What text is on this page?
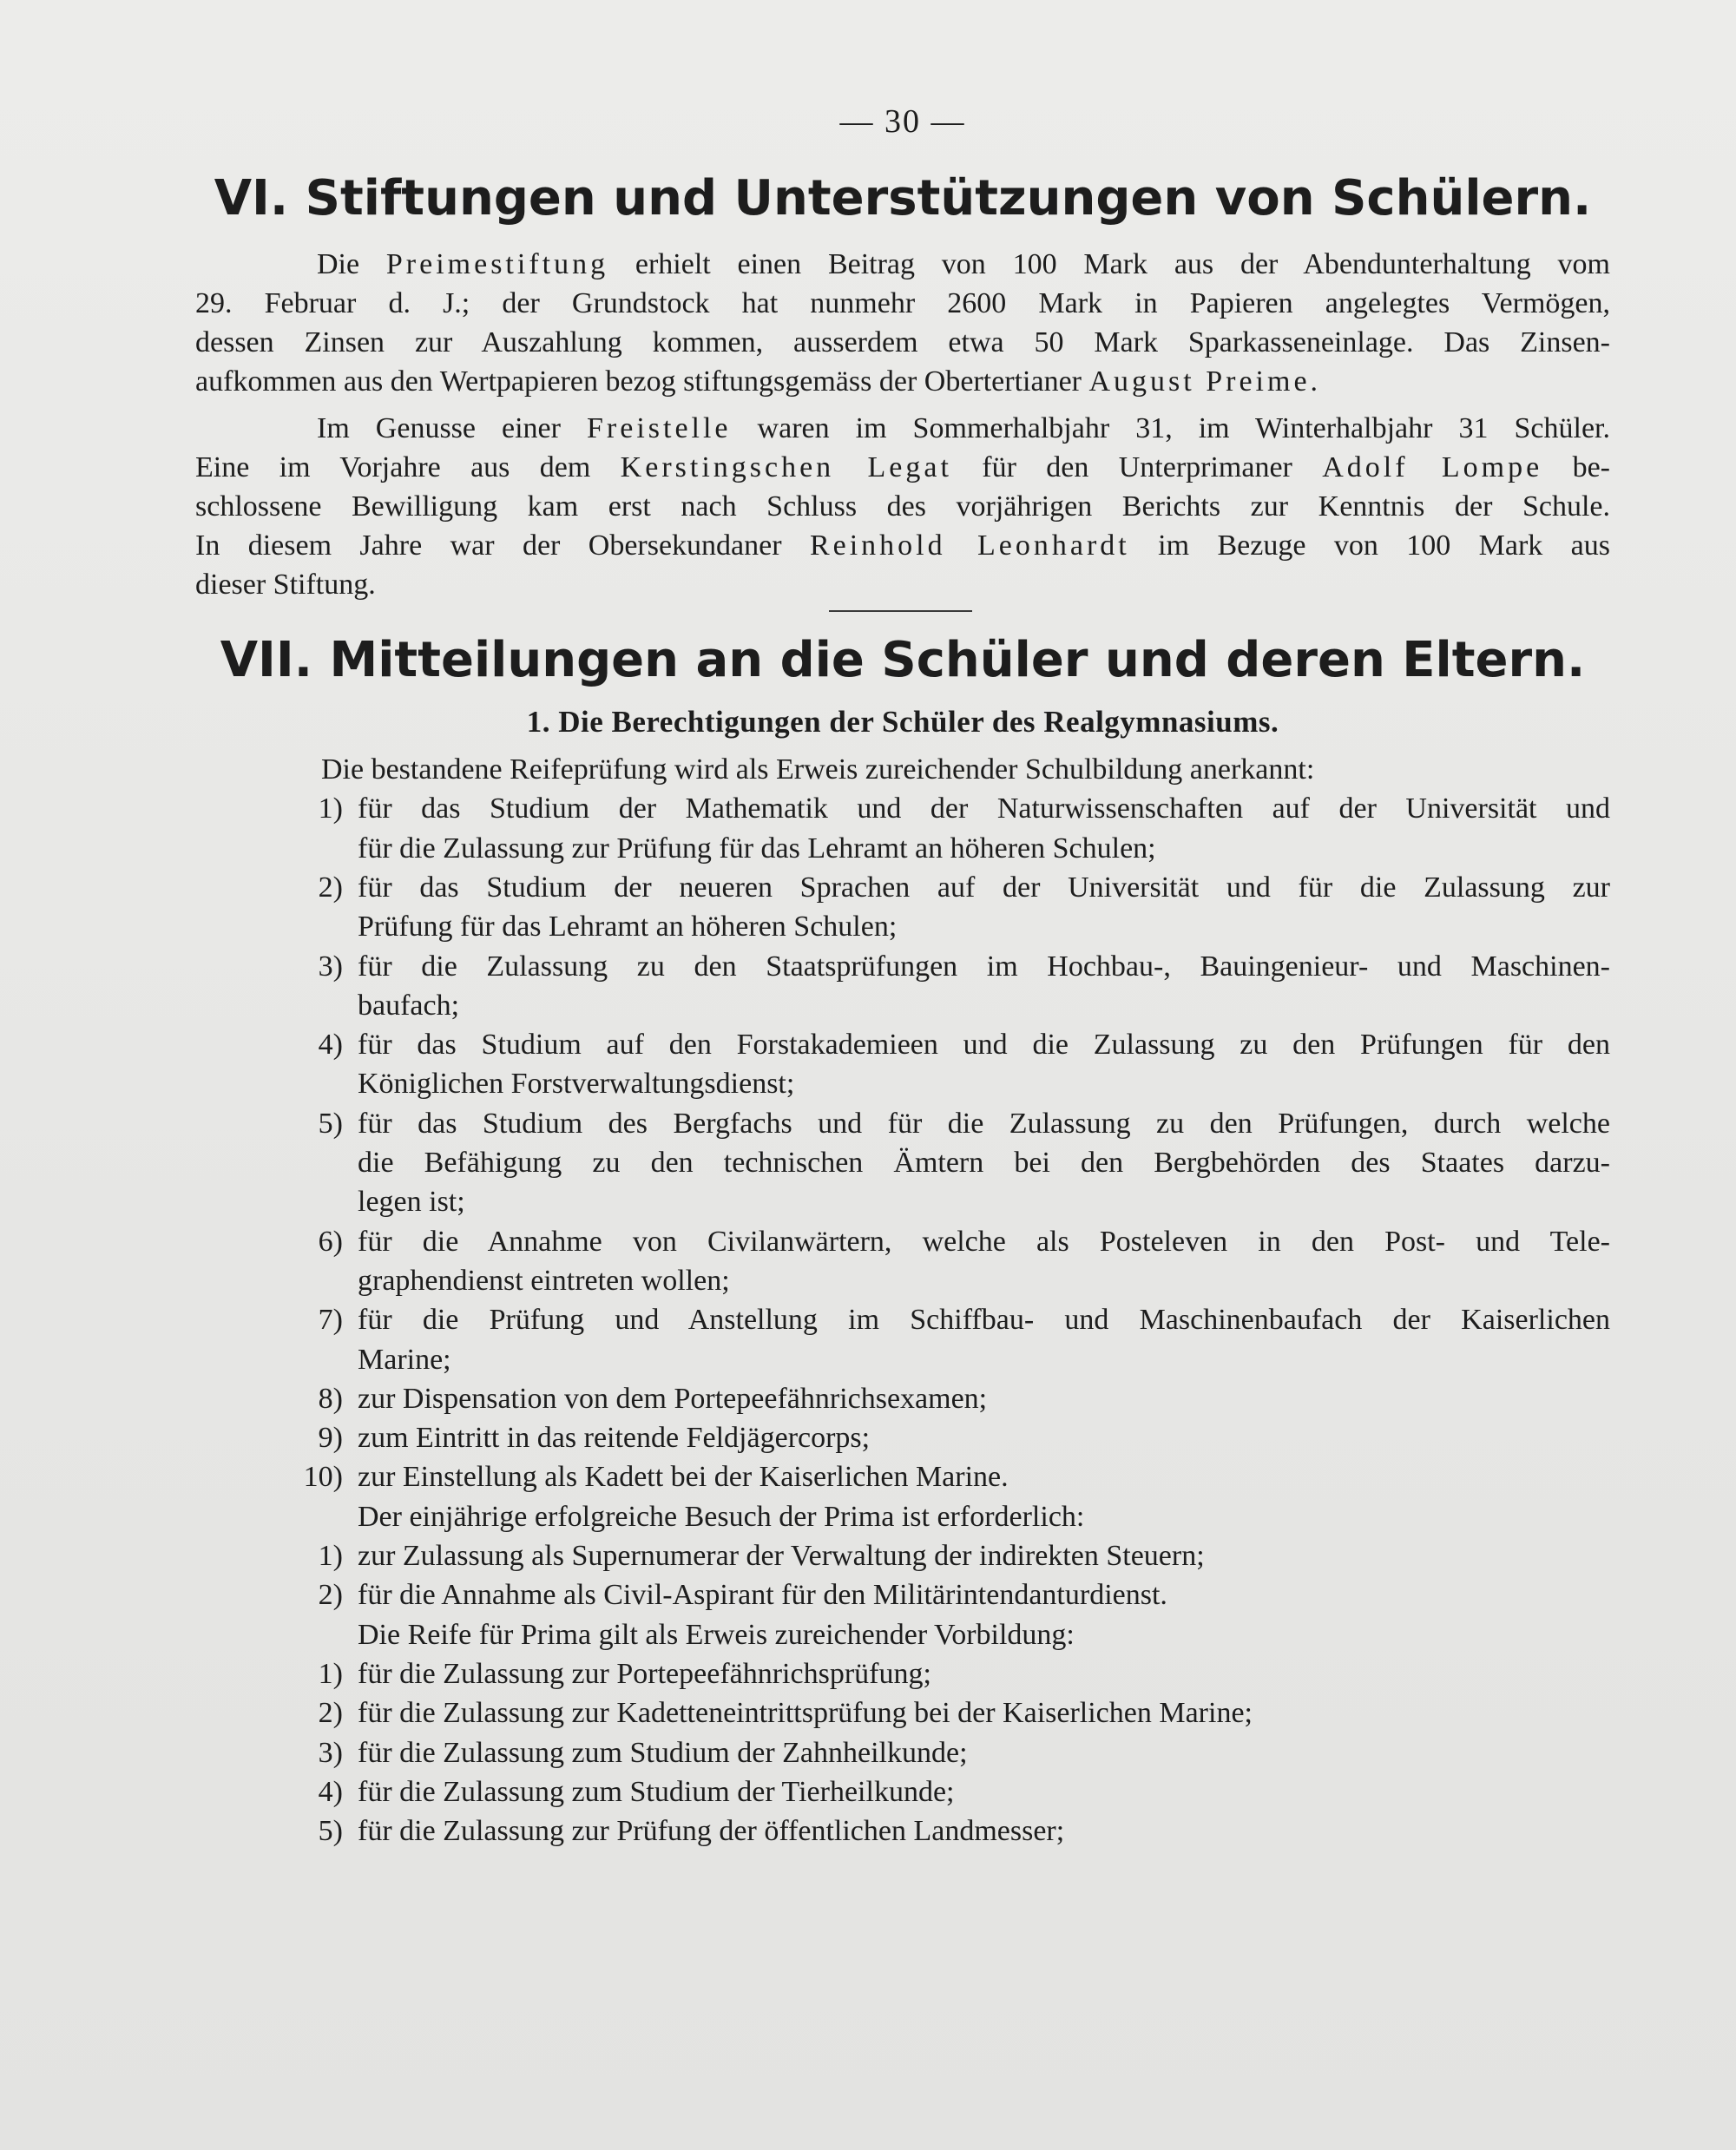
— 30 —
VI. Stiftungen und Unterstützungen von Schülern.
Die Preimestiftung erhielt einen Beitrag von 100 Mark aus der Abendunterhaltung vom
29. Februar d. J.; der Grundstock hat nunmehr 2600 Mark in Papieren angelegtes Vermögen,
dessen Zinsen zur Auszahlung kommen, ausserdem etwa 50 Mark Sparkasseneinlage. Das Zinsen-
aufkommen aus den Wertpapieren bezog stiftungsgemäss der Obertertianer August Preime.
Im Genusse einer Freistelle waren im Sommerhalbjahr 31, im Winterhalbjahr 31 Schüler.
Eine im Vorjahre aus dem Kerstingschen Legat für den Unterprimaner Adolf Lompe be-
schlossene Bewilligung kam erst nach Schluss des vorjährigen Berichts zur Kenntnis der Schule.
In diesem Jahre war der Obersekundaner Reinhold Leonhardt im Bezuge von 100 Mark aus
dieser Stiftung.
VII. Mitteilungen an die Schüler und deren Eltern.
1. Die Berechtigungen der Schüler des Realgymnasiums.
Die bestandene Reifeprüfung wird als Erweis zureichender Schulbildung anerkannt:
1) für das Studium der Mathematik und der Naturwissenschaften auf der Universität und
für die Zulassung zur Prüfung für das Lehramt an höheren Schulen;
2) für das Studium der neueren Sprachen auf der Universität und für die Zulassung zur
Prüfung für das Lehramt an höheren Schulen;
3) für die Zulassung zu den Staatsprüfungen im Hochbau-, Bauingenieur- und Maschinen-
baufach;
4) für das Studium auf den Forstakademieen und die Zulassung zu den Prüfungen für den
Königlichen Forstverwaltungsdienst;
5) für das Studium des Bergfachs und für die Zulassung zu den Prüfungen, durch welche
die Befähigung zu den technischen Ämtern bei den Bergbehörden des Staates darzu-
legen ist;
6) für die Annahme von Civilanwärtern, welche als Posteleven in den Post- und Tele-
graphendienst eintreten wollen;
7) für die Prüfung und Anstellung im Schiffbau- und Maschinenbaufach der Kaiserlichen
Marine;
8) zur Dispensation von dem Portepeefähnrichsexamen;
9) zum Eintritt in das reitende Feldjägercorps;
10) zur Einstellung als Kadett bei der Kaiserlichen Marine.
Der einjährige erfolgreiche Besuch der Prima ist erforderlich:
1) zur Zulassung als Supernumerar der Verwaltung der indirekten Steuern;
2) für die Annahme als Civil-Aspirant für den Militärintendanturdienst.
Die Reife für Prima gilt als Erweis zureichender Vorbildung:
1) für die Zulassung zur Portepeefähnrichsprüfung;
2) für die Zulassung zur Kadetteneintrittsprüfung bei der Kaiserlichen Marine;
3) für die Zulassung zum Studium der Zahnheilkunde;
4) für die Zulassung zum Studium der Tierheilkunde;
5) für die Zulassung zur Prüfung der öffentlichen Landmesser;
